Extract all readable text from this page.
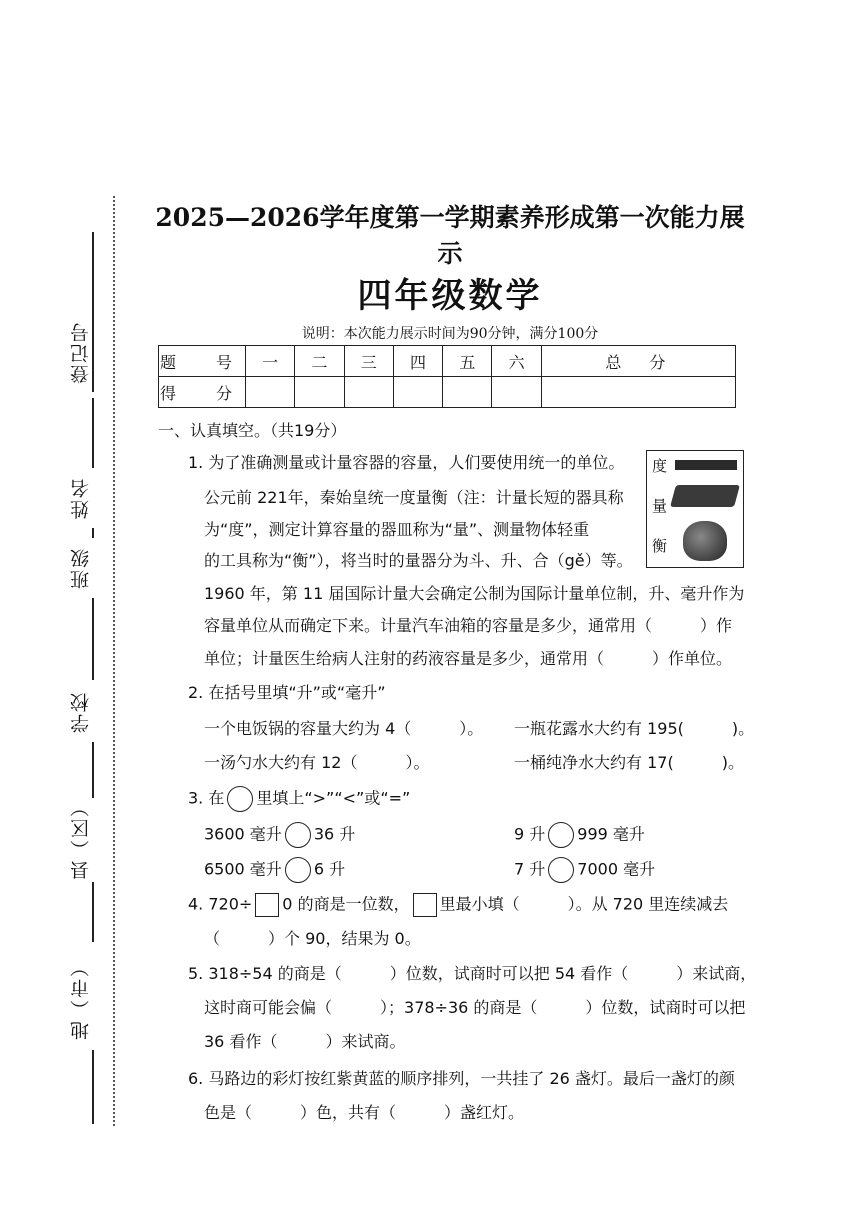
登记号
姓名
班级
学校
县（区）
地（市）
2025—2026学年度第一学期素养形成第一次能力展示
四年级数学
说明：本次能力展示时间为90分钟，满分100分
题　号	一	二	三	四	五	六	总　分
得　分							
一、认真填空。（共19分）
1. 为了准确测量或计量容器的容量，人们要使用统一的单位。
公元前 221年，秦始皇统一度量衡（注：计量长短的器具称
为“度”，测定计算容量的器皿称为“量”、测量物体轻重
的工具称为“衡”），将当时的量器分为斗、升、合（gě）等。
1960 年，第 11 届国际计量大会确定公制为国际计量单位制，升、毫升作为
容量单位从而确定下来。计量汽车油箱的容量是多少，通常用（	）作
单位；计量医生给病人注射的药液容量是多少，通常用（	）作单位。
度
量
衡
2. 在括号里填“升”或“毫升”
一个电饭锅的容量大约为 4（	）。 一瓶花露水大约有 195(	)。
一汤勺水大约有 12（	）。	一桶纯净水大约有 17(	)。
3. 在 里填上“>”“<”或“=”
3600 毫升 36 升	9 升 999 毫升
6500 毫升 6 升	7 升 7000 毫升
4. 720÷ 0 的商是一位数， 里最小填（	）。从 720 里连续减去
（	）个 90，结果为 0。
5. 318÷54 的商是（	）位数，试商时可以把 54 看作（	）来试商，
这时商可能会偏（	）；378÷36 的商是（	）位数，试商时可以把
36 看作（	）来试商。
6. 马路边的彩灯按红紫黄蓝的顺序排列，一共挂了 26 盏灯。最后一盏灯的颜
色是（	）色，共有（	）盏红灯。
